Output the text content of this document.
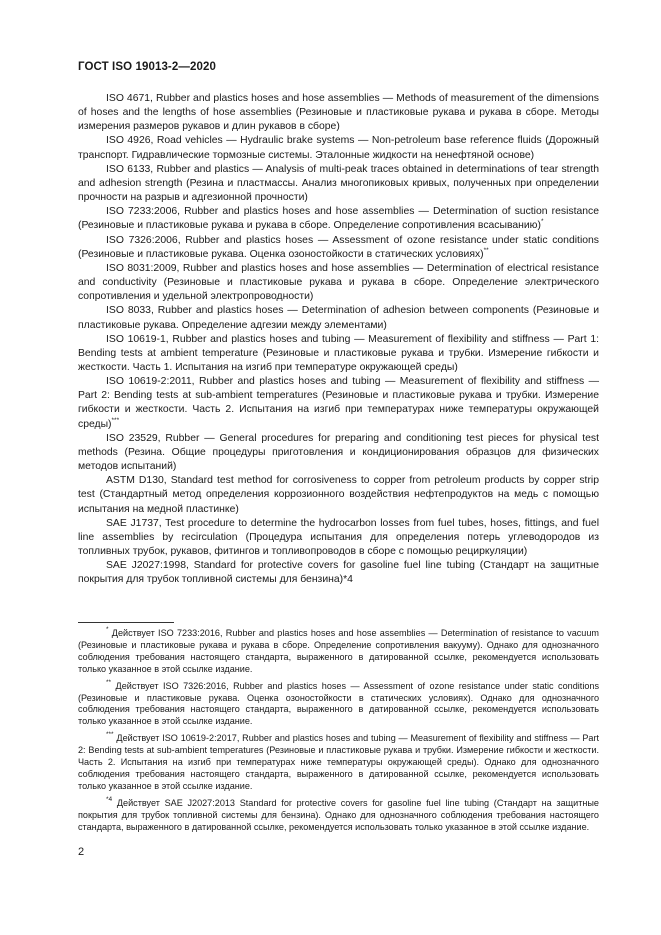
ГОСТ ISO 19013-2—2020

ISO 4671, Rubber and plastics hoses and hose assemblies — Methods of measurement of the dimensions of hoses and the lengths of hose assemblies (Резиновые и пластиковые рукава и рукава в сборе. Методы измерения размеров рукавов и длин рукавов в сборе)

ISO 4926, Road vehicles — Hydraulic brake systems — Non-petroleum base reference fluids (Дорожный транспорт. Гидравлические тормозные системы. Эталонные жидкости на ненефтяной основе)

ISO 6133, Rubber and plastics — Analysis of multi-peak traces obtained in determinations of tear strength and adhesion strength (Резина и пластмассы. Анализ многопиковых кривых, полученных при определении прочности на разрыв и адгезионной прочности)

ISO 7233:2006, Rubber and plastics hoses and hose assemblies — Determination of suction resistance (Резиновые и пластиковые рукава и рукава в сборе. Определение сопротивления всасыванию)*

ISO 7326:2006, Rubber and plastics hoses — Assessment of ozone resistance under static conditions (Резиновые и пластиковые рукава. Оценка озоностойкости в статических условиях)**

ISO 8031:2009, Rubber and plastics hoses and hose assemblies — Determination of electrical resistance and conductivity (Резиновые и пластиковые рукава и рукава в сборе. Определение электрического сопротивления и удельной электропроводности)

ISO 8033, Rubber and plastics hoses — Determination of adhesion between components (Резиновые и пластиковые рукава. Определение адгезии между элементами)

ISO 10619-1, Rubber and plastics hoses and tubing — Measurement of flexibility and stiffness — Part 1: Bending tests at ambient temperature (Резиновые и пластиковые рукава и трубки. Измерение гибкости и жесткости. Часть 1. Испытания на изгиб при температуре окружающей среды)

ISO 10619-2:2011, Rubber and plastics hoses and tubing — Measurement of flexibility and stiffness — Part 2: Bending tests at sub-ambient temperatures (Резиновые и пластиковые рукава и трубки. Измерение гибкости и жесткости. Часть 2. Испытания на изгиб при температурах ниже температуры окружающей среды)***

ISO 23529, Rubber — General procedures for preparing and conditioning test pieces for physical test methods (Резина. Общие процедуры приготовления и кондиционирования образцов для физических методов испытаний)

ASTM D130, Standard test method for corrosiveness to copper from petroleum products by copper strip test (Стандартный метод определения коррозионного воздействия нефтепродуктов на медь с помощью испытания на медной пластинке)

SAE J1737, Test procedure to determine the hydrocarbon losses from fuel tubes, hoses, fittings, and fuel line assemblies by recirculation (Процедура испытания для определения потерь углеводородов из топливных трубок, рукавов, фитингов и топливопроводов в сборе с помощью рециркуляции)

SAE J2027:1998, Standard for protective covers for gasoline fuel line tubing (Стандарт на защитные покрытия для трубок топливной системы для бензина)*4

* Действует ISO 7233:2016, Rubber and plastics hoses and hose assemblies — Determination of resistance to vacuum (Резиновые и пластиковые рукава и рукава в сборе. Определение сопротивления вакууму). Однако для однозначного соблюдения требования настоящего стандарта, выраженного в датированной ссылке, рекомендуется использовать только указанное в этой ссылке издание.

** Действует ISO 7326:2016, Rubber and plastics hoses — Assessment of ozone resistance under static conditions (Резиновые и пластиковые рукава. Оценка озоностойкости в статических условиях). Однако для однозначного соблюдения требования настоящего стандарта, выраженного в датированной ссылке, рекомендуется использовать только указанное в этой ссылке издание.

*** Действует ISO 10619-2:2017, Rubber and plastics hoses and tubing — Measurement of flexibility and stiffness — Part 2: Bending tests at sub-ambient temperatures (Резиновые и пластиковые рукава и трубки. Измерение гибкости и жесткости. Часть 2. Испытания на изгиб при температурах ниже температуры окружающей среды). Однако для однозначного соблюдения требования настоящего стандарта, выраженного в датированной ссылке, рекомендуется использовать только указанное в этой ссылке издание.

$^{*4}$ Действует SAE J2027:2013 Standard for protective covers for gasoline fuel line tubing (Стандарт на защитные покрытия для трубок топливной системы для бензина). Однако для однозначного соблюдения требования настоящего стандарта, выраженного в датированной ссылке, рекомендуется использовать только указанное в этой ссылке издание.

2
